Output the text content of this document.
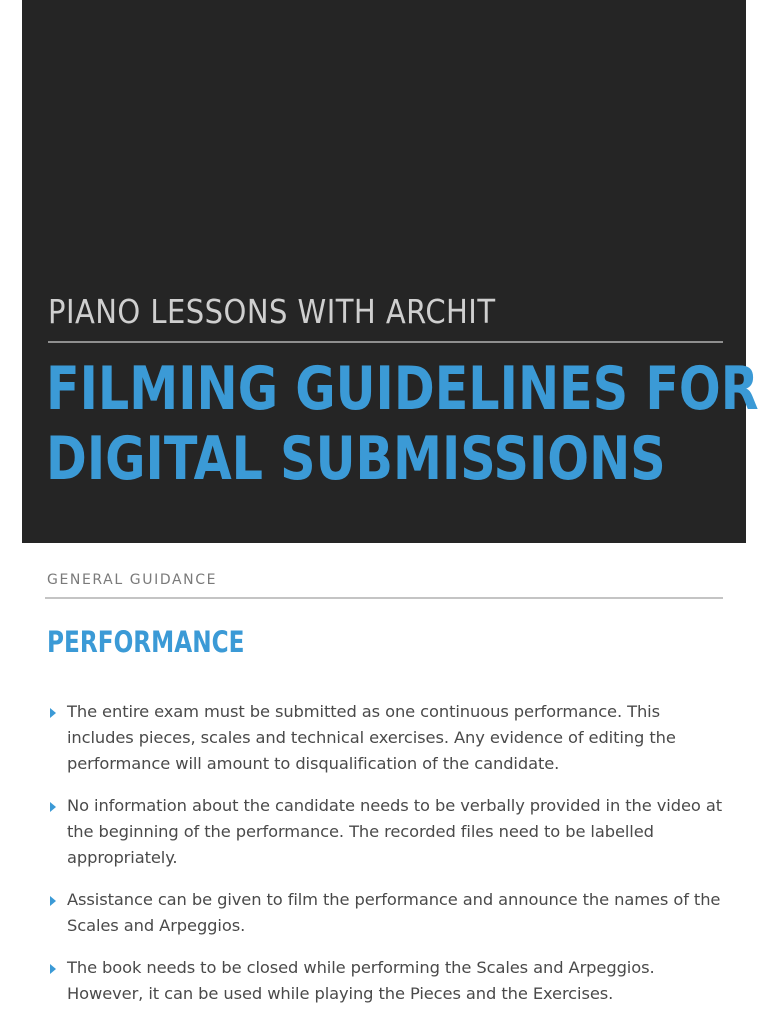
PIANO LESSONS WITH ARCHIT
FILMING GUIDELINES FOR
DIGITAL SUBMISSIONS
GENERAL GUIDANCE
PERFORMANCE
The entire exam must be submitted as one continuous performance. This includes pieces, scales and technical exercises. Any evidence of editing the performance will amount to disqualification of the candidate.
No information about the candidate needs to be verbally provided in the video at the beginning of the performance. The recorded files need to be labelled appropriately.
Assistance can be given to film the performance and announce the names of the Scales and Arpeggios.
The book needs to be closed while performing the Scales and Arpeggios. However, it can be used while playing the Pieces and the Exercises.
